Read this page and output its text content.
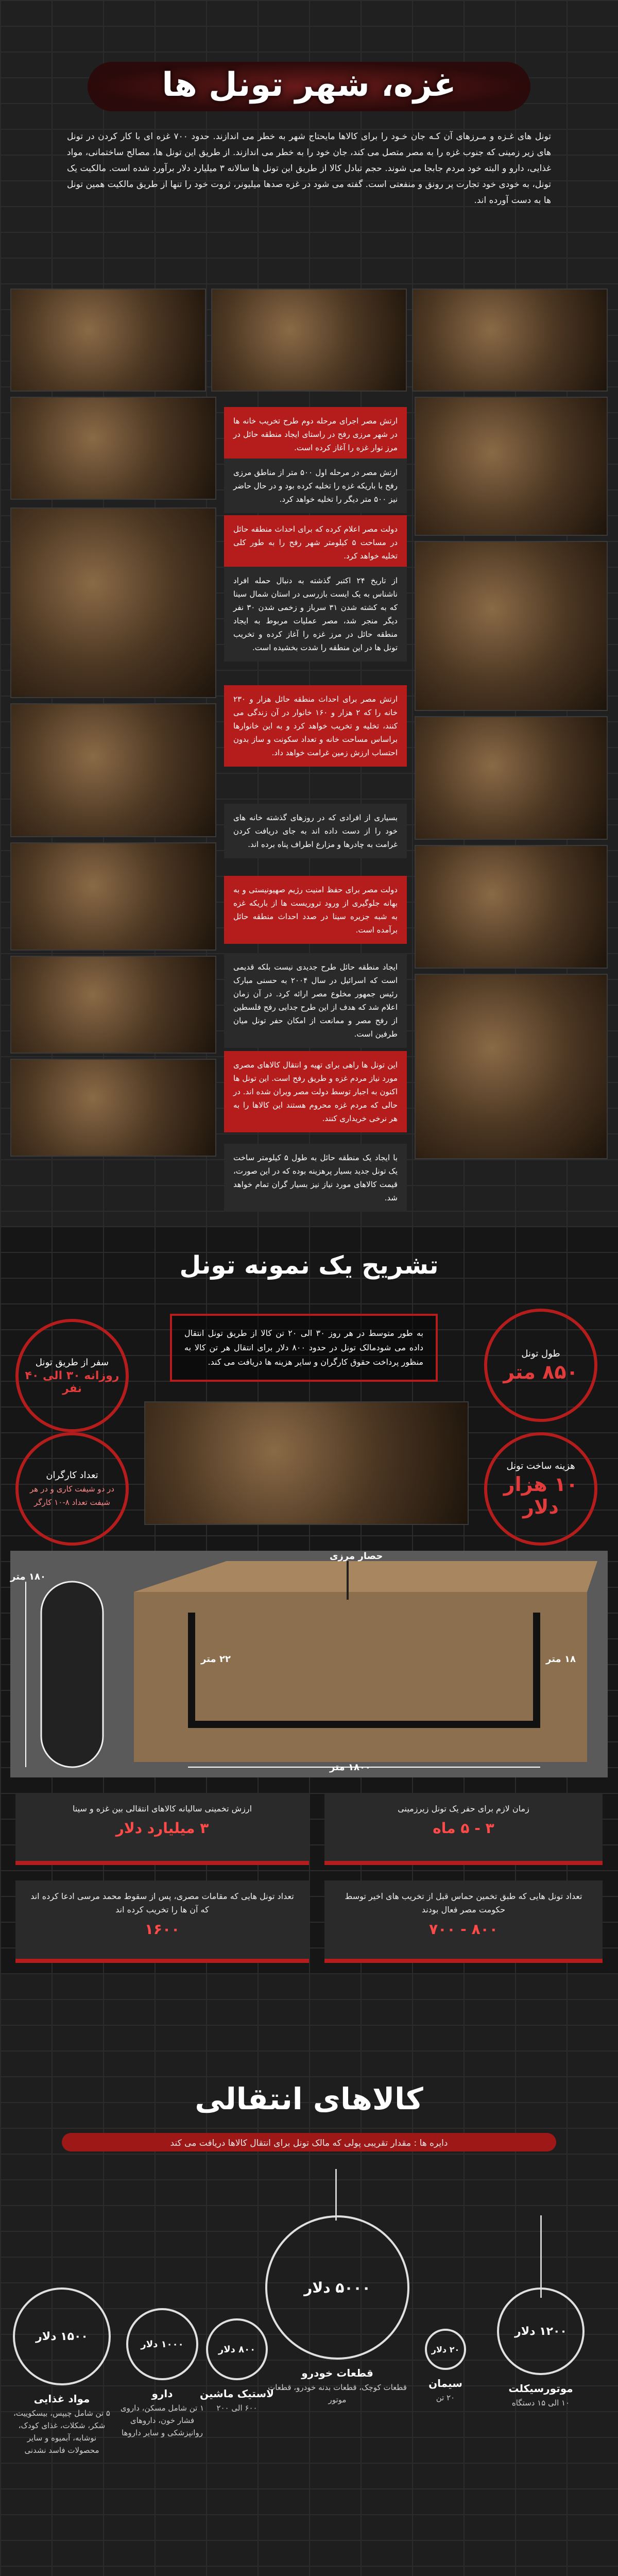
غزه، شهر تونل ها
تونل های غـزه و مـرزهای آن کـه جان خـود را برای کالاها مایحتاج شهر به خطر می اندازند. حدود ۷۰۰ غزه ای با کار کردن در تونل های زیر زمینی که جنوب غزه را به مصر متصل می کند، جان خود را به خطر می اندازند. از طریق این تونل ها، مصالح ساختمانی، مواد غذایی، دارو و البته خود مردم جابجا می شوند. حجم تبادل کالا از طریق این تونل ها سالانه ۳ میلیارد دلار برآورد شده است. مالکیت یک تونل، به خودی خود تجارت پر رونق و منفعتی است. گفته می شود در غزه صدها میلیونر، ثروت خود را تنها از طریق مالکیت همین تونل ها به دست آورده اند.
ارتش مصر اجرای مرحله دوم طرح تخریب خانه ها در شهر مرزی رفح در راستای ایجاد منطقه حائل در مرز نوار غزه را آغاز کرده است.
ارتش مصر در مرحله اول ۵۰۰ متر از مناطق مرزی رفح با باریکه غزه را تخلیه کرده بود و در حال حاضر نیز ۵۰۰ متر دیگر را تخلیه خواهد کرد.
دولت مصر اعلام کرده که برای احداث منطقه حائل در مساحت ۵ کیلومتر شهر رفح را به طور کلی تخلیه خواهد کرد.
از تاریخ ۲۴ اکتبر گذشته به دنبال حمله افراد ناشناس به یک ایست بازرسی در استان شمال سینا که به کشته شدن ۳۱ سرباز و زخمی شدن ۳۰ نفر دیگر منجر شد، مصر عملیات مربوط به ایجاد منطقه حائل در مرز غزه را آغاز کرده و تخریب تونل ها در این منطقه را شدت بخشیده است.
ارتش مصر برای احداث منطقه حائل هزار و ۲۳۰ خانه را که ۲ هزار و ۱۶۰ خانوار در آن زندگی می کنند، تخلیه و تخریب خواهد کرد و به این خانوارها براساس مساحت خانه و تعداد سکونت و ساز بدون احتساب ارزش زمین غرامت خواهد داد.
بسیاری از افرادی که در روزهای گذشته خانه های خود را از دست داده اند به جای دریافت کردن غرامت به چادرها و مزارع اطراف پناه برده اند.
دولت مصر برای حفظ امنیت رژیم صهیونیستی و به بهانه جلوگیری از ورود تروریست ها از باریکه غزه به شبه جزیره سینا در صدد احداث منطقه حائل برآمده است.
ایجاد منطقه حائل طرح جدیدی نیست بلکه قدیمی است که اسرائیل در سال ۲۰۰۴ به حسنی مبارک رئیس جمهور مخلوع مصر ارائه کرد. در آن زمان اعلام شد که هدف از این طرح جدایی رفح فلسطین از رفح مصر و ممانعت از امکان حفر تونل میان طرفین است.
این تونل ها راهی برای تهیه و انتقال کالاهای مصری مورد نیاز مردم غزه و طریق رفح است. این تونل ها اکنون به اجبار توسط دولت مصر ویران شده اند. در حالی که مردم غزه محروم هستند این کالاها را به هر نرخی خریداری کنند.
با ایجاد یک منطقه حائل به طول ۵ کیلومتر ساخت یک تونل جدید بسیار پرهزینه بوده که در این صورت، قیمت کالاهای مورد نیاز نیز بسیار گران تمام خواهد شد.
تشریح یک نمونه تونل
به طور متوسط در هر روز ۳۰ الی ۲۰ تن کالا از طریق تونل انتقال داده می شودمالک تونل در حدود ۸۰۰ دلار برای انتقال هر تن کالا به منظور پرداخت حقوق کارگران و سایر هزینه ها دریافت می کند.
طول تونل
۸۵۰ متر
هزینه ساخت تونل
۱۰ هزار دلار
سفر از طریق تونل
روزانه ۳۰ الی ۴۰ نفر
تعداد کارگران
در دو شیفت کاری و در هر شیفت تعداد ۸-۱۰ کارگر
۱۸۰ متر
۲۲ متر	۱۸ متر
۱۸۰۰ متر
حصار مرزی
زمان لازم برای حفر یک تونل زیرزمینی
۳ - ۵ ماه
ارزش تخمینی سالیانه کالاهای انتقالی بین غزه و سینا
۳ میلیارد دلار
تعداد تونل هایی که طبق تخمین حماس قبل از تخریب های اخیر توسط حکومت مصر فعال بودند
۸۰۰ - ۷۰۰
تعداد تونل هایی که مقامات مصری، پس از سقوط محمد مرسی ادعا کرده اند که آن ها را تخریب کرده اند
۱۶۰۰
کالاهای انتقالی
دایره ها : مقدار تقریبی پولی که مالک تونل برای انتقال کالاها دریافت می کند
۱۲۰۰ دلار
موتورسیکلت
۱۰ الی ۱۵ دستگاه
۲۰ دلار
سیمان
۲۰ تن
۵۰۰۰ دلار
قطعات خودرو
قطعات کوچک، قطعات بدنه خودرو، قطعات موتور
۸۰۰ دلار
لاستیک ماشین
۶۰۰ الی ۲۰۰
۱۰۰۰ دلار
دارو
۱ تن شامل مسکن، داروی فشار خون، داروهای روانپزشکی و سایر داروها
۱۵۰۰ دلار
مواد غذایی
۵ تن شامل چیپس، بیسکوییت، شکر، شکلات، غذای کودک، نوشابه، آبمیوه و سایر محصولات فاسد نشدنی
